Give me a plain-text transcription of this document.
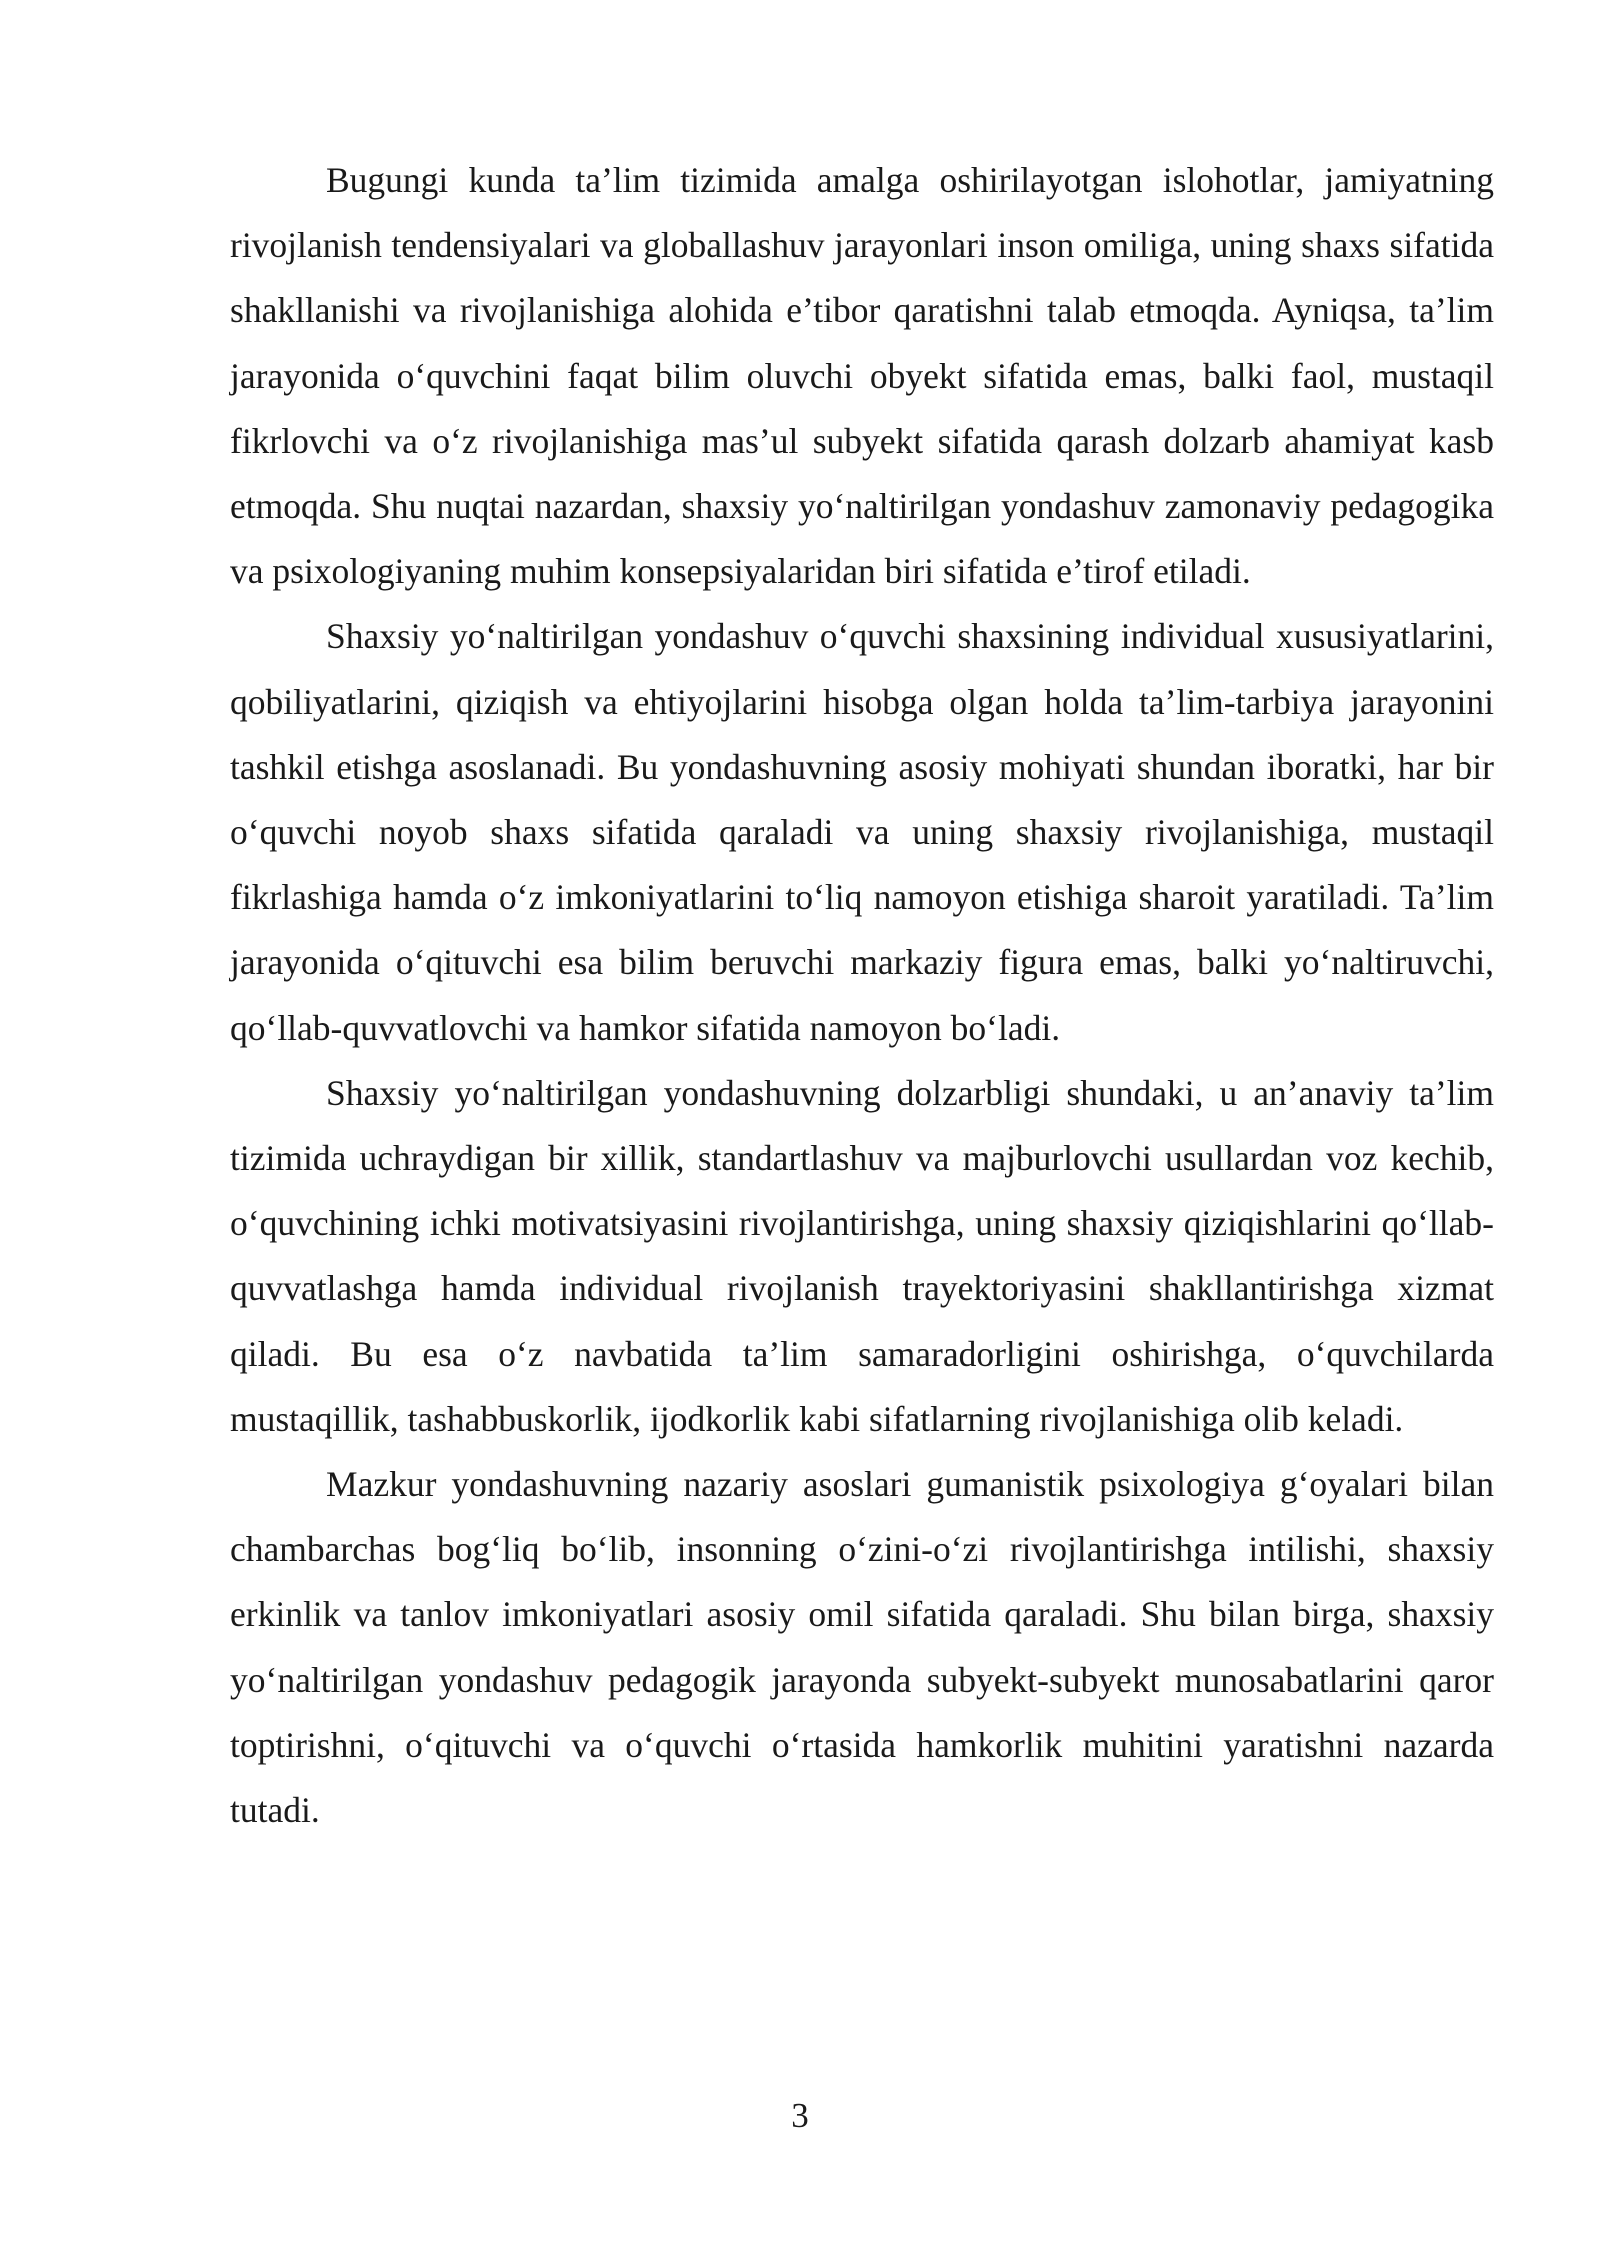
Bugungi kunda ta’lim tizimida amalga oshirilayotgan islohotlar, jamiyatning rivojlanish tendensiyalari va globallashuv jarayonlari inson omiliga, uning shaxs sifatida shakllanishi va rivojlanishiga alohida e’tibor qaratishni talab etmoqda. Ayniqsa, ta’lim jarayonida o‘quvchini faqat bilim oluvchi obyekt sifatida emas, balki faol, mustaqil fikrlovchi va o‘z rivojlanishiga mas’ul subyekt sifatida qarash dolzarb ahamiyat kasb etmoqda. Shu nuqtai nazardan, shaxsiy yo‘naltirilgan yondashuv zamonaviy pedagogika va psixologiyaning muhim konsepsiyalaridan biri sifatida e’tirof etiladi.

Shaxsiy yo‘naltirilgan yondashuv o‘quvchi shaxsining individual xususiyatlarini, qobiliyatlarini, qiziqish va ehtiyojlarini hisobga olgan holda ta’lim-tarbiya jarayonini tashkil etishga asoslanadi. Bu yondashuvning asosiy mohiyati shundan iboratki, har bir o‘quvchi noyob shaxs sifatida qaraladi va uning shaxsiy rivojlanishiga, mustaqil fikrlashiga hamda o‘z imkoniyatlarini to‘liq namoyon etishiga sharoit yaratiladi. Ta’lim jarayonida o‘qituvchi esa bilim beruvchi markaziy figura emas, balki yo‘naltiruvchi, qo‘llab-quvvatlovchi va hamkor sifatida namoyon bo‘ladi.

Shaxsiy yo‘naltirilgan yondashuvning dolzarbligi shundaki, u an’anaviy ta’lim tizimida uchraydigan bir xillik, standartlashuv va majburlovchi usullardan voz kechib, o‘quvchining ichki motivatsiyasini rivojlantirishga, uning shaxsiy qiziqishlarini qo‘llab-quvvatlashga hamda individual rivojlanish trayektoriyasini shakllantirishga xizmat qiladi. Bu esa o‘z navbatida ta’lim samaradorligini oshirishga, o‘quvchilarda mustaqillik, tashabbuskorlik, ijodkorlik kabi sifatlarning rivojlanishiga olib keladi.

Mazkur yondashuvning nazariy asoslari gumanistik psixologiya g‘oyalari bilan chambarchas bog‘liq bo‘lib, insonning o‘zini-o‘zi rivojlantirishga intilishi, shaxsiy erkinlik va tanlov imkoniyatlari asosiy omil sifatida qaraladi. Shu bilan birga, shaxsiy yo‘naltirilgan yondashuv pedagogik jarayonda subyekt-subyekt munosabatlarini qaror toptirishni, o‘qituvchi va o‘quvchi o‘rtasida hamkorlik muhitini yaratishni nazarda tutadi.

3
